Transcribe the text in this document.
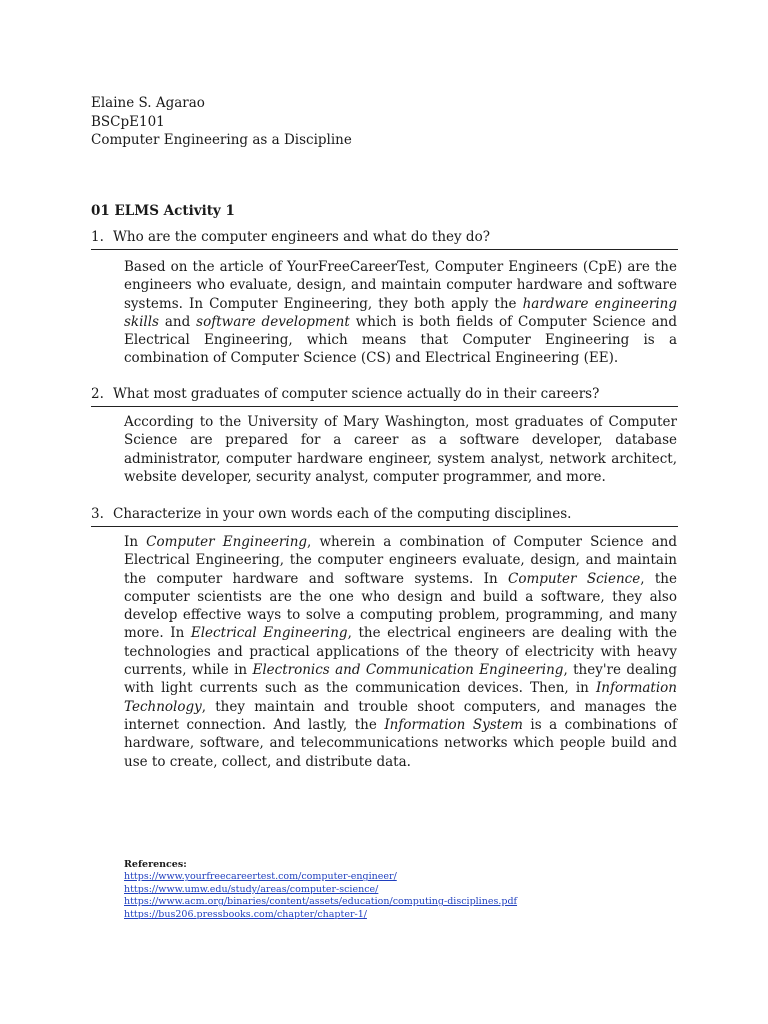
Elaine S. Agarao
BSCpE101
Computer Engineering as a Discipline
01 ELMS Activity 1
1. Who are the computer engineers and what do they do?
Based on the article of YourFreeCareerTest, Computer Engineers (CpE) are the engineers who evaluate, design, and maintain computer hardware and software systems. In Computer Engineering, they both apply the hardware engineering skills and software development which is both fields of Computer Science and Electrical Engineering, which means that Computer Engineering is a combination of Computer Science (CS) and Electrical Engineering (EE).
2. What most graduates of computer science actually do in their careers?
According to the University of Mary Washington, most graduates of Computer Science are prepared for a career as a software developer, database administrator, computer hardware engineer, system analyst, network architect, website developer, security analyst, computer programmer, and more.
3. Characterize in your own words each of the computing disciplines.
In Computer Engineering, wherein a combination of Computer Science and Electrical Engineering, the computer engineers evaluate, design, and maintain the computer hardware and software systems. In Computer Science, the computer scientists are the one who design and build a software, they also develop effective ways to solve a computing problem, programming, and many more. In Electrical Engineering, the electrical engineers are dealing with the technologies and practical applications of the theory of electricity with heavy currents, while in Electronics and Communication Engineering, they're dealing with light currents such as the communication devices. Then, in Information Technology, they maintain and trouble shoot computers, and manages the internet connection. And lastly, the Information System is a combinations of hardware, software, and telecommunications networks which people build and use to create, collect, and distribute data.
References:
https://www.yourfreecareertest.com/computer-engineer/
https://www.umw.edu/study/areas/computer-science/
https://www.acm.org/binaries/content/assets/education/computing-disciplines.pdf
https://bus206.pressbooks.com/chapter/chapter-1/
